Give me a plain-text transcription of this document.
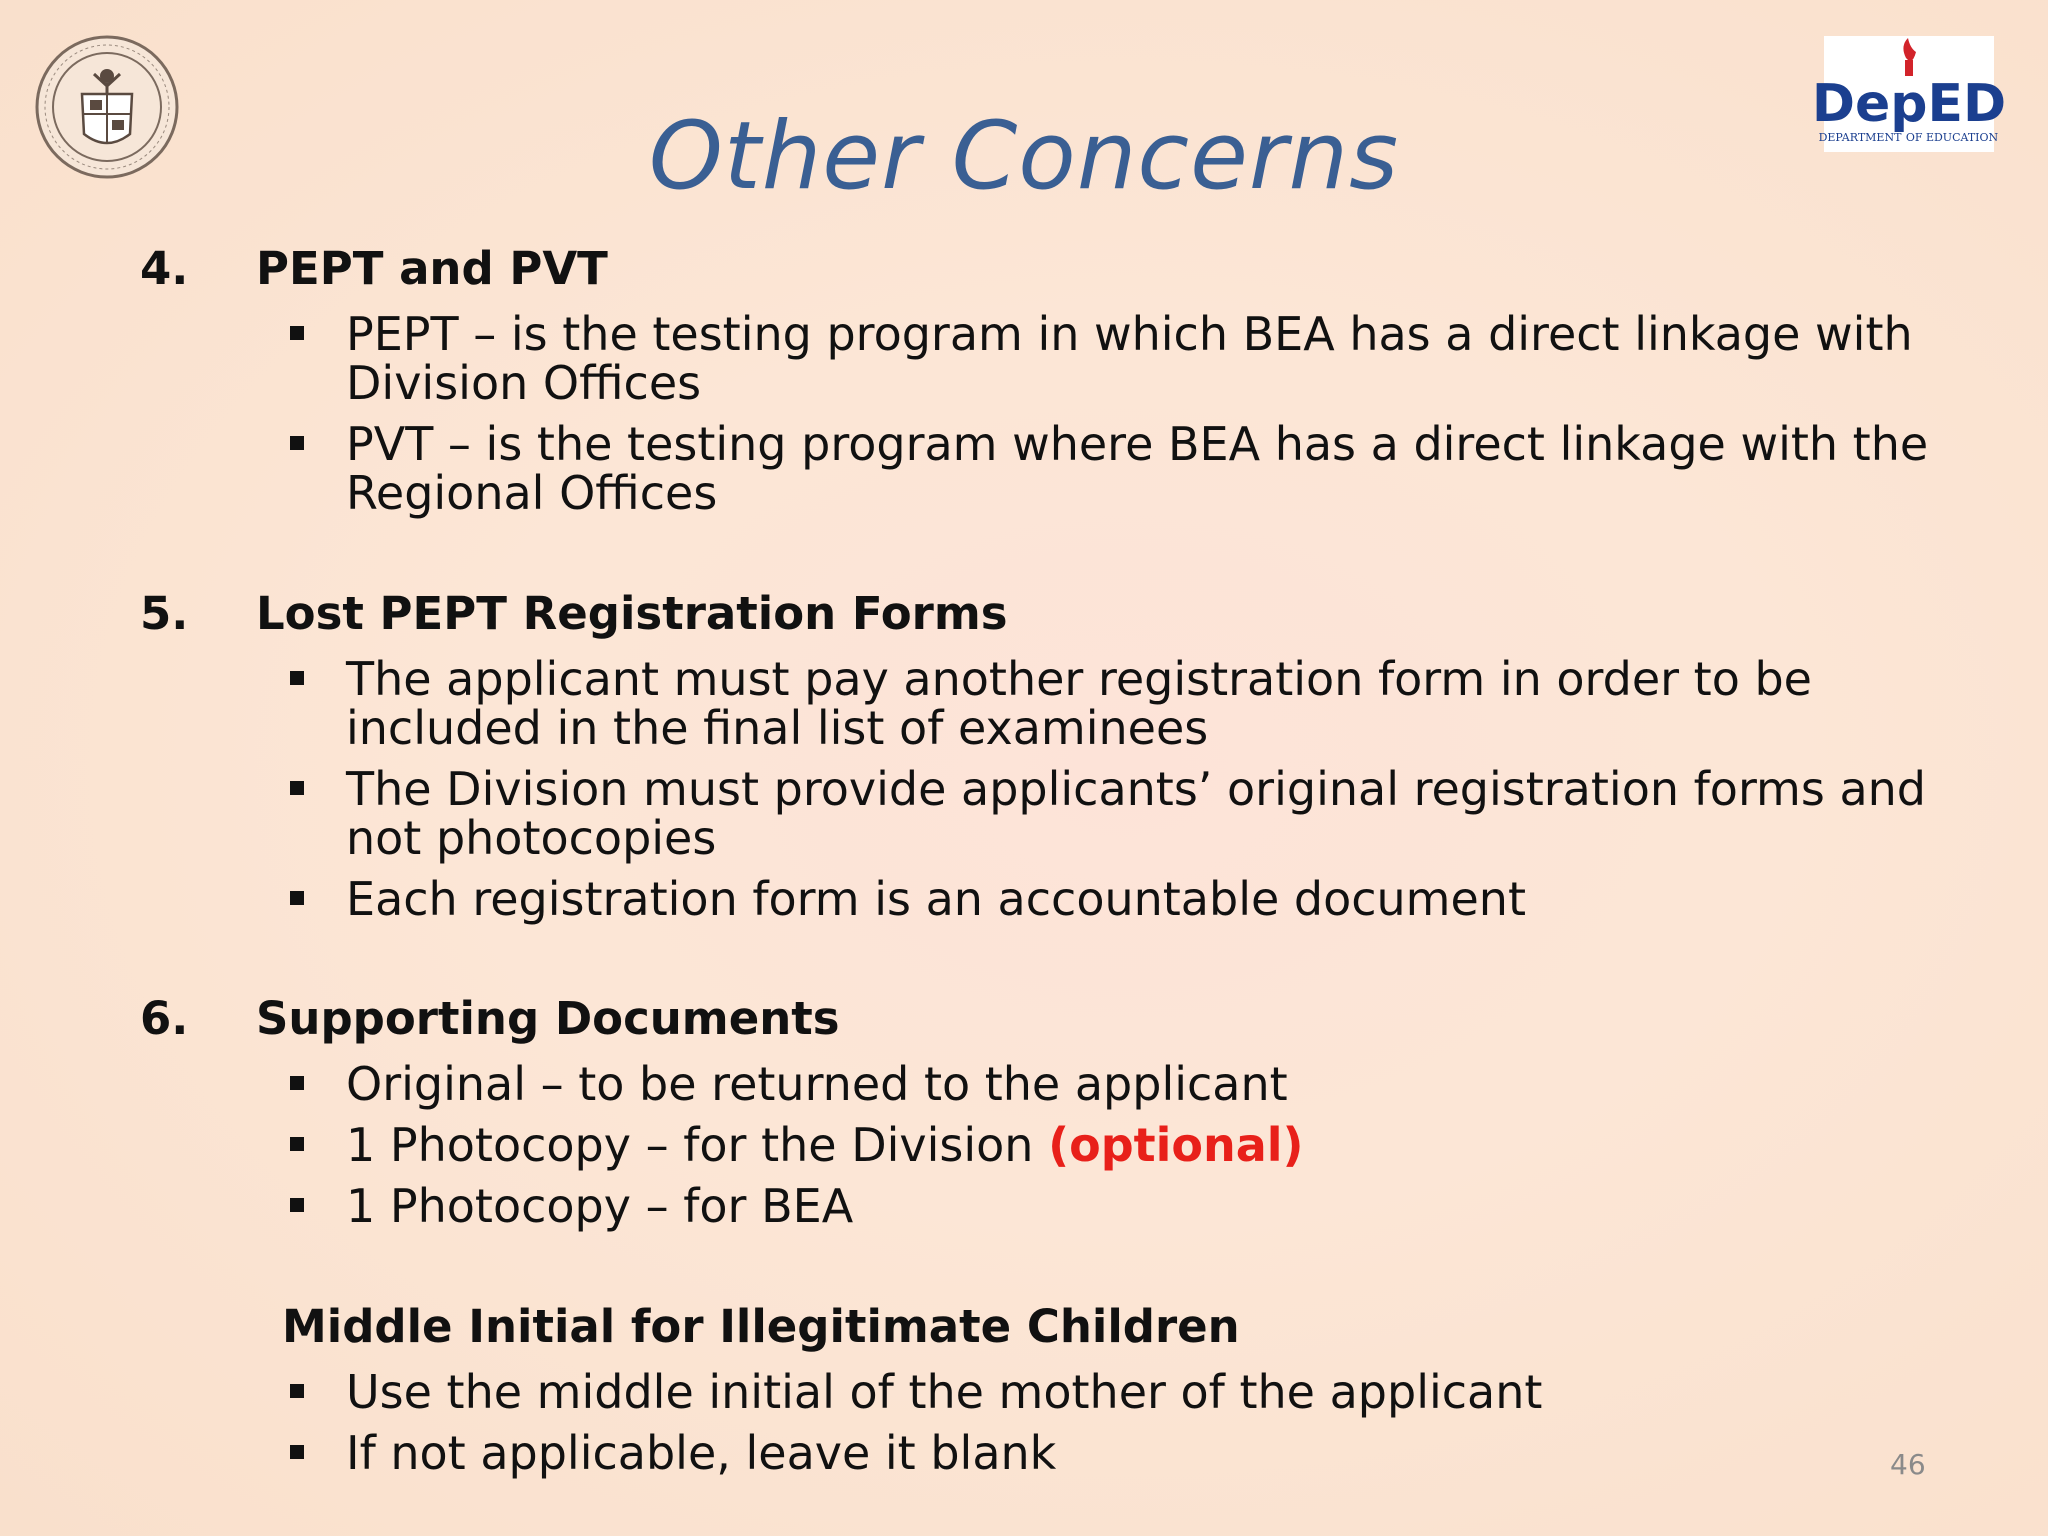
DepED
DEPARTMENT OF EDUCATION
Other Concerns
4. PEPT and PVT
PEPT – is the testing program in which BEA has a direct linkage with Division Offices
PVT – is the testing program where BEA has a direct linkage with the Regional Offices
5. Lost PEPT Registration Forms
The applicant must pay another registration form in order to be included in the final list of examinees
The Division must provide applicants’ original registration forms and not photocopies
Each registration form is an accountable document
6. Supporting Documents
Original – to be returned to the applicant
1 Photocopy – for the Division (optional)
1 Photocopy – for BEA
Middle Initial for Illegitimate Children
Use the middle initial of the mother of the applicant
If not applicable, leave it blank	46
